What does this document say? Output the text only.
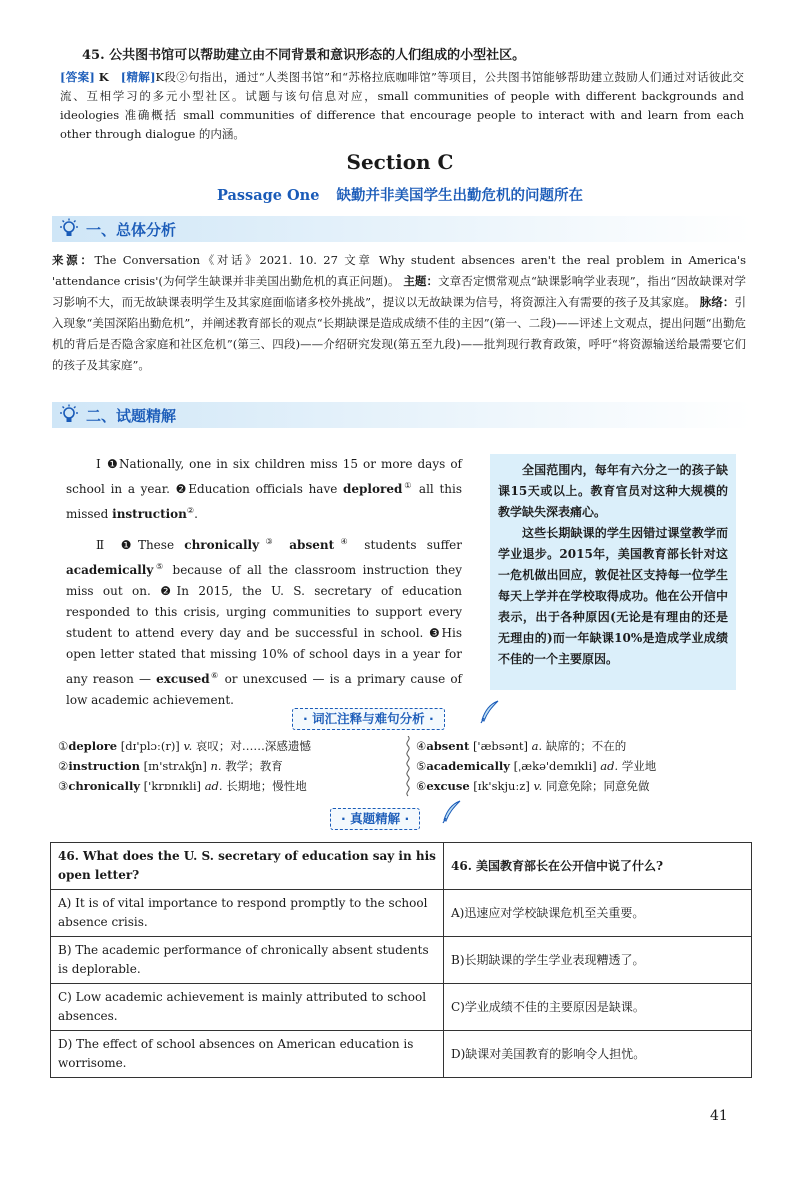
45. 公共图书馆可以帮助建立由不同背景和意识形态的人们组成的小型社区。
[答案] K [精解]K段②句指出，通过“人类图书馆”和“苏格拉底咖啡馆”等项目，公共图书馆能够帮助建立鼓励人们通过对话彼此交流、互相学习的多元小型社区。试题与该句信息对应，small communities of people with different backgrounds and ideologies 准确概括 small communities of difference that encourage people to interact with and learn from each other through dialogue 的内涵。
Section C
Passage One 缺勤并非美国学生出勤危机的问题所在
一、总体分析
来源：The Conversation《对话》2021. 10. 27 文章 Why student absences aren't the real problem in America's 'attendance crisis'(为何学生缺课并非美国出勤危机的真正问题)。 主题：文章否定惯常观点“缺课影响学业表现”，指出“因故缺课对学习影响不大，而无故缺课表明学生及其家庭面临诸多校外挑战”，提议以无故缺课为信号，将资源注入有需要的孩子及其家庭。 脉络：引入现象“美国深陷出勤危机”，并阐述教育部长的观点“长期缺课是造成成绩不佳的主因”(第一、二段)——评述上文观点，提出问题“出勤危机的背后是否隐含家庭和社区危机”(第三、四段)——介绍研究发现(第五至九段)——批判现行教育政策，呼吁“将资源输送给最需要它们的孩子及其家庭”。
二、试题精解

Ⅰ ❶Nationally, one in six children miss 15 or more days of school in a year. ❷Education officials have deplored① all this missed instruction②.

Ⅱ ❶These chronically③ absent④ students suffer academically⑤ because of all the classroom instruction they miss out on. ❷In 2015, the U. S. secretary of education responded to this crisis, urging communities to support every student to attend every day and be successful in school. ❸His open letter stated that missing 10% of school days in a year for any reason — excused⑥ or unexcused — is a primary cause of low academic achievement.

全国范围内，每年有六分之一的孩子缺课15天或以上。教育官员对这种大规模的教学缺失深表痛心。

这些长期缺课的学生因错过课堂教学而学业退步。2015年，美国教育部长针对这一危机做出回应，敦促社区支持每一位学生每天上学并在学校取得成功。他在公开信中表示，出于各种原因(无论是有理由的还是无理由的)而一年缺课10%是造成学业成绩不佳的一个主要原因。

· 词汇注释与难句分析 ·
①deplore [dɪ'plɔː(r)] v. 哀叹；对……深感遗憾
②instruction [ɪn'strʌkʃn] n. 教学；教育
③chronically ['krɒnɪkli] ad. 长期地；慢性地
④absent ['æbsənt] a. 缺席的；不在的
⑤academically [ˌækə'demɪkli] ad. 学业地
⑥excuse [ɪk'skjuːz] v. 同意免除；同意免做
· 真题精解 ·
46. What does the U. S. secretary of education say in his open letter?	46. 美国教育部长在公开信中说了什么?
A) It is of vital importance to respond promptly to the school absence crisis.	A)迅速应对学校缺课危机至关重要。
B) The academic performance of chronically absent students is deplorable.	B)长期缺课的学生学业表现糟透了。
C) Low academic achievement is mainly attributed to school absences.	C)学业成绩不佳的主要原因是缺课。
D) The effect of school absences on American education is worrisome.	D)缺课对美国教育的影响令人担忧。
41
